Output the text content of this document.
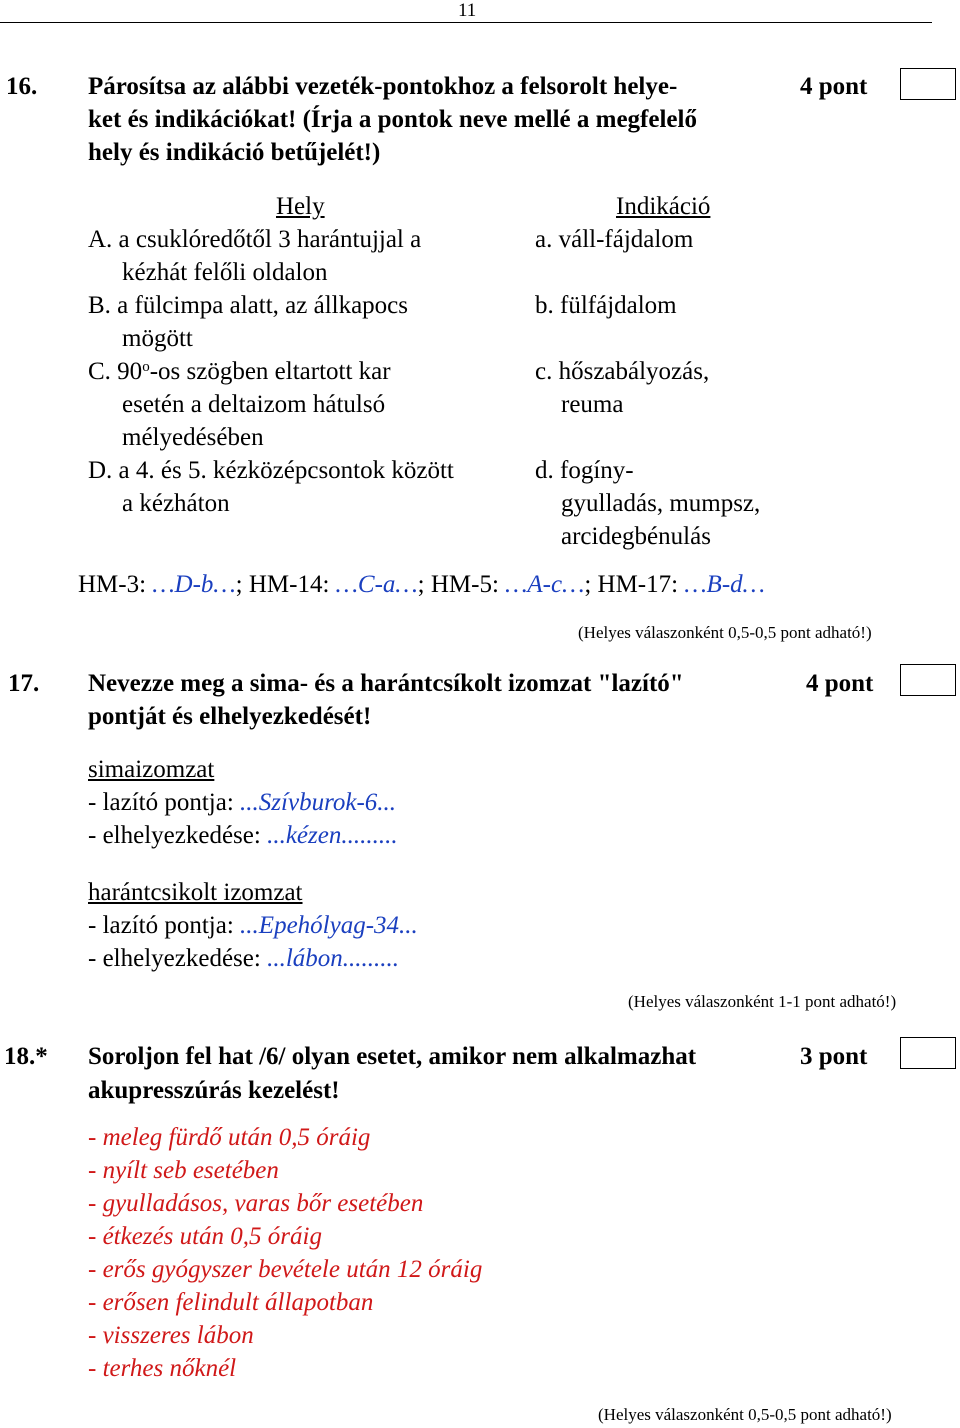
11
16. Párosítsa az alábbi vezeték-pontokhoz a felsorolt helye-
ket és indikációkat! (Írja a pontok neve mellé a megfelelő
hely és indikáció betűjelét!)
4 pont
Hely	Indikáció
A. a csuklóredőtől 3 harántujjal a
kézhát felőli oldalon
B. a fülcimpa alatt, az állkapocs
mögött
C. 90$^o$-os szögben eltartott kar
esetén a deltaizom hátulsó
mélyedésében
D. a 4. és 5. kézközépcsontok között
a kézháton
a. váll-fájdalom
b. fülfájdalom
c. hőszabályozás,
reuma
d. fogíny-
gyulladás, mumpsz,
arcidegbénulás
HM-3: …D-b…; HM-14: …C-a…; HM-5: …A-c…; HM-17: …B-d…
(Helyes válaszonként 0,5-0,5 pont adható!)
17. Nevezze meg a sima- és a harántcsíkolt izomzat "lazító"
pontját és elhelyezkedését!
4 pont
simaizomzat
- lazító pontja: ...Szívburok-6...
- elhelyezkedése: ...kézen.........
harántcsikolt izomzat
- lazító pontja: ...Epehólyag-34...
- elhelyezkedése: ...lábon.........
(Helyes válaszonként 1-1 pont adható!)
18.* Soroljon fel hat /6/ olyan esetet, amikor nem alkalmazhat
akupresszúrás kezelést!
3 pont
- meleg fürdő után 0,5 óráig
- nyílt seb esetében
- gyulladásos, varas bőr esetében
- étkezés után 0,5 óráig
- erős gyógyszer bevétele után 12 óráig
- erősen felindult állapotban
- visszeres lábon
- terhes nőknél
(Helyes válaszonként 0,5-0,5 pont adható!)
